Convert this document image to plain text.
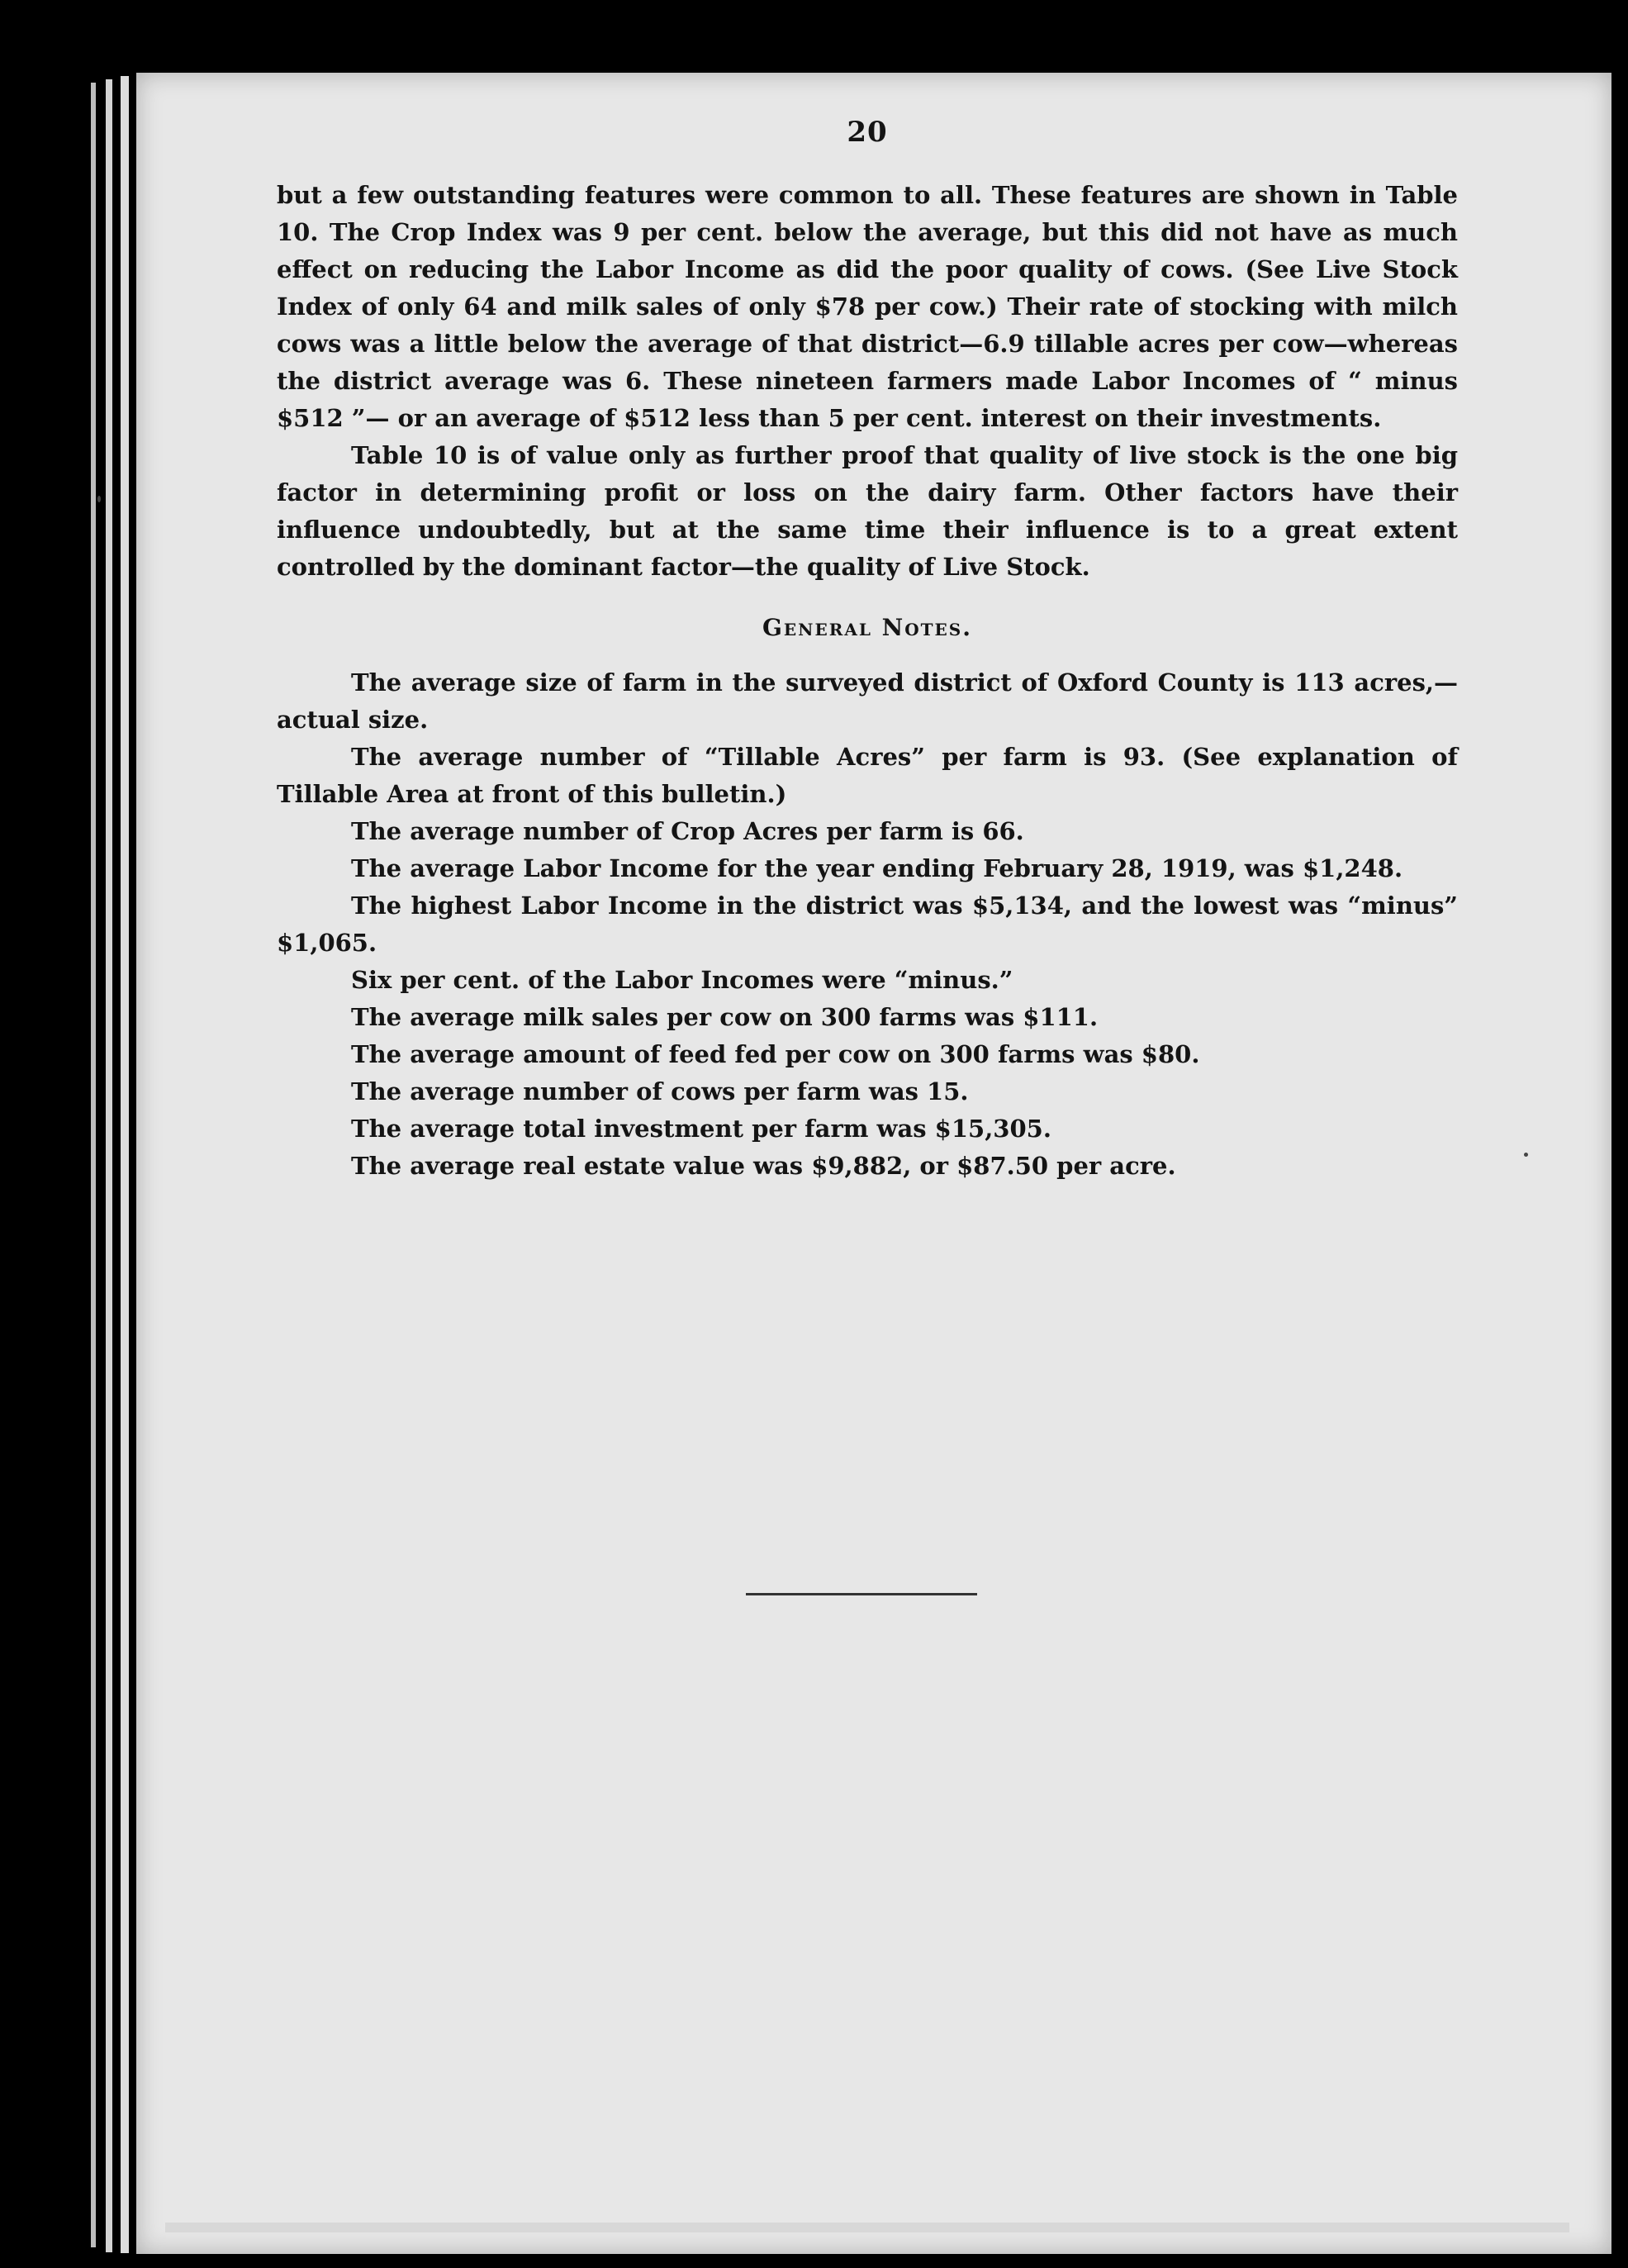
20

but a few outstanding features were common to all. These features are shown in Table 10. The Crop Index was 9 per cent. below the average, but this did not have as much effect on reducing the Labor Income as did the poor quality of cows. (See Live Stock Index of only 64 and milk sales of only $78 per cow.) Their rate of stocking with milch cows was a little below the average of that district—6.9 tillable acres per cow—whereas the district average was 6. These nineteen farmers made Labor Incomes of “ minus $512 ”— or an average of $512 less than 5 per cent. interest on their investments.

Table 10 is of value only as further proof that quality of live stock is the one big factor in determining profit or loss on the dairy farm. Other factors have their influence undoubtedly, but at the same time their influence is to a great extent controlled by the dominant factor—the quality of Live Stock.

General Notes.

The average size of farm in the surveyed district of Oxford County is 113 acres,—actual size.

The average number of “Tillable Acres” per farm is 93. (See explanation of Tillable Area at front of this bulletin.)

The average number of Crop Acres per farm is 66.

The average Labor Income for the year ending February 28, 1919, was $1,248.

The highest Labor Income in the district was $5,134, and the lowest was “minus” $1,065.

Six per cent. of the Labor Incomes were “minus.”

The average milk sales per cow on 300 farms was $111.

The average amount of feed fed per cow on 300 farms was $80.

The average number of cows per farm was 15.

The average total investment per farm was $15,305.

The average real estate value was $9,882, or $87.50 per acre.
